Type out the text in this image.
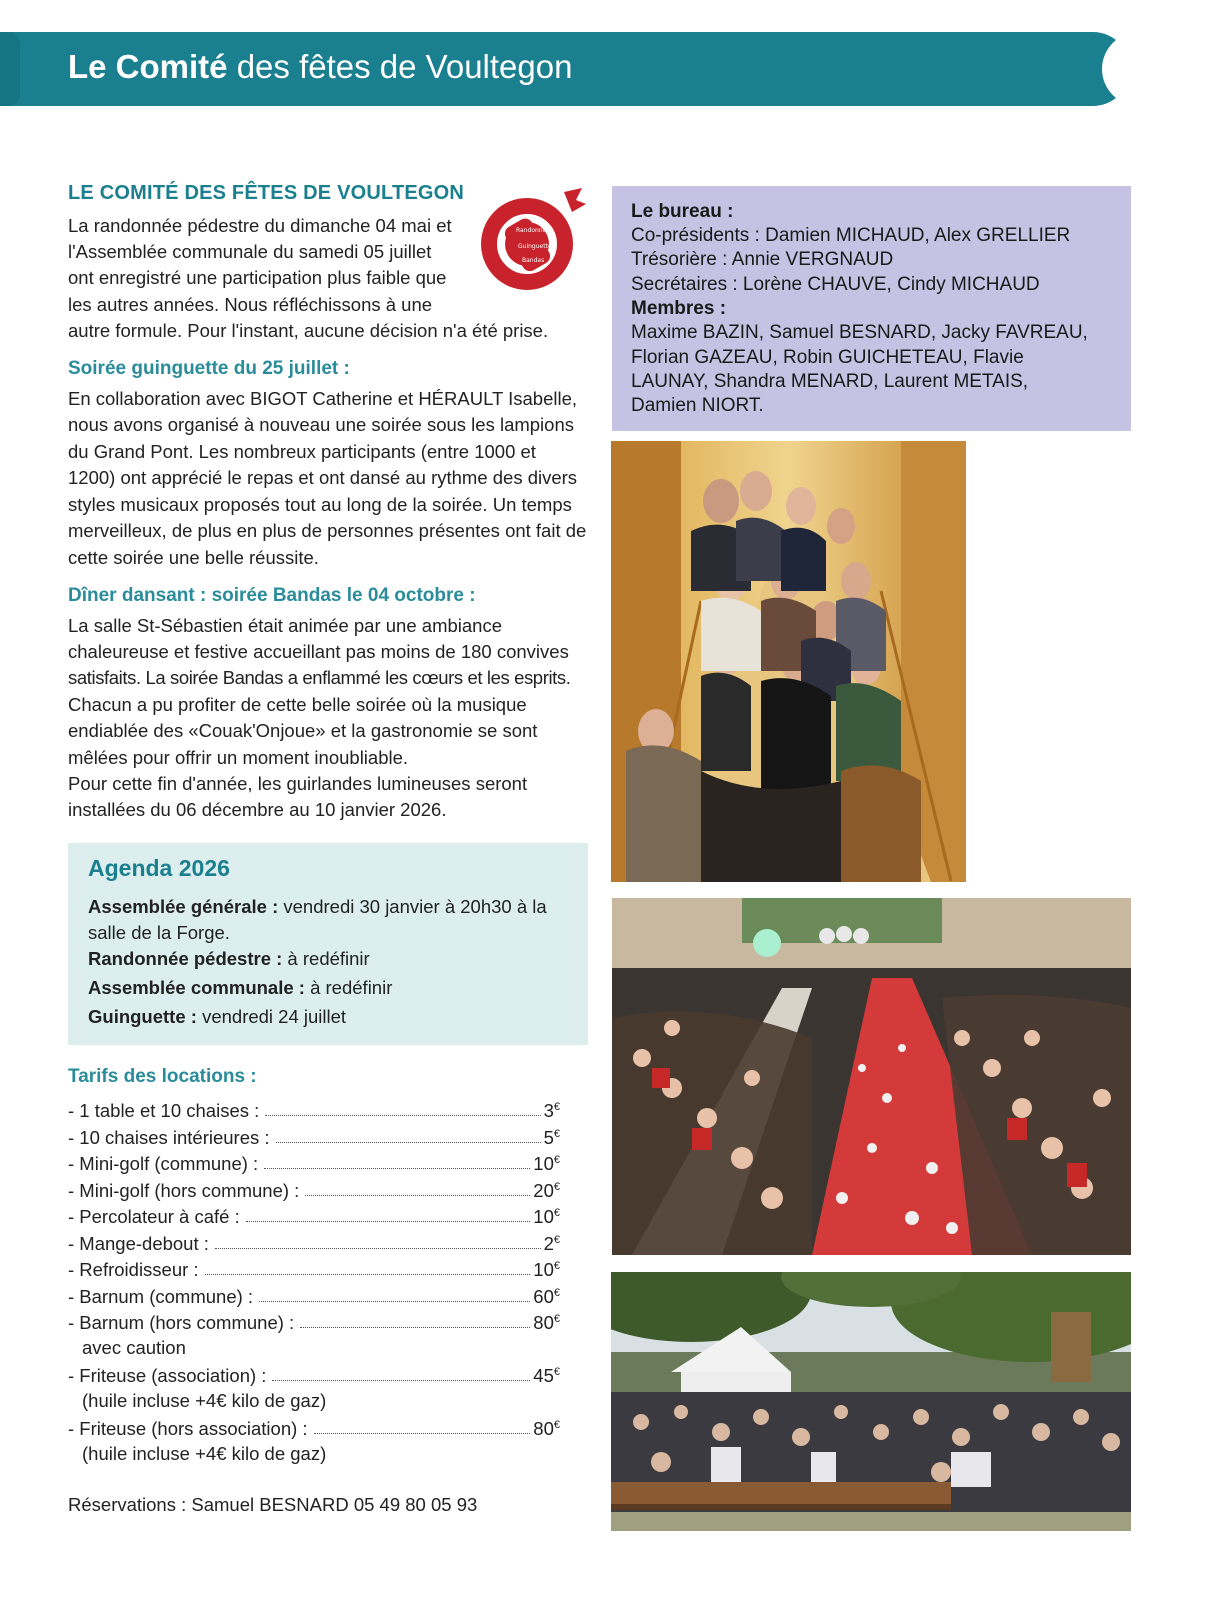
Le Comité des fêtes de Voultegon
LE COMITÉ DES FÊTES DE VOULTEGON
Randonnée
Guinguette
Bandas
La randonnée pédestre du dimanche 04 mai et
l'Assemblée communale du samedi 05 juillet
ont enregistré une participation plus faible que
les autres années. Nous réfléchissons à une
autre formule. Pour l'instant, aucune décision n'a été prise.
Soirée guinguette du 25 juillet :
En collaboration avec BIGOT Catherine et HÉRAULT Isabelle,
nous avons organisé à nouveau une soirée sous les lampions
du Grand Pont. Les nombreux participants (entre 1000 et
1200) ont apprécié le repas et ont dansé au rythme des divers
styles musicaux proposés tout au long de la soirée. Un temps
merveilleux, de plus en plus de personnes présentes ont fait de
cette soirée une belle réussite.
Dîner dansant : soirée Bandas le 04 octobre :
La salle St-Sébastien était animée par une ambiance
chaleureuse et festive accueillant pas moins de 180 convives
satisfaits. La soirée Bandas a enflammé les cœurs et les esprits.
Chacun a pu profiter de cette belle soirée où la musique
endiablée des «Couak'Onjoue» et la gastronomie se sont
mêlées pour offrir un moment inoubliable.
Pour cette fin d'année, les guirlandes lumineuses seront
installées du 06 décembre au 10 janvier 2026.
Agenda 2026
Assemblée générale : vendredi 30 janvier à 20h30 à la
salle de la Forge.
Randonnée pédestre : à redéfinir
Assemblée communale : à redéfinir
Guinguette : vendredi 24 juillet
Tarifs des locations :
- 1 table et 10 chaises :	3€
- 10 chaises intérieures :	5€
- Mini-golf (commune) :	10€
- Mini-golf (hors commune) :	20€
- Percolateur à café :	10€
- Mange-debout :	2€
- Refroidisseur :	10€
- Barnum (commune) :	60€
- Barnum (hors commune) :	80€
avec caution
- Friteuse (association) :	45€
(huile incluse +4€ kilo de gaz)
- Friteuse (hors association) :	80€
(huile incluse +4€ kilo de gaz)
Réservations : Samuel BESNARD 05 49 80 05 93
Le bureau :
Co-présidents : Damien MICHAUD, Alex GRELLIER
Trésorière : Annie VERGNAUD
Secrétaires : Lorène CHAUVE, Cindy MICHAUD
Membres :
Maxime BAZIN, Samuel BESNARD, Jacky FAVREAU,
Florian GAZEAU, Robin GUICHETEAU, Flavie
LAUNAY, Shandra MENARD, Laurent METAIS,
Damien NIORT.
